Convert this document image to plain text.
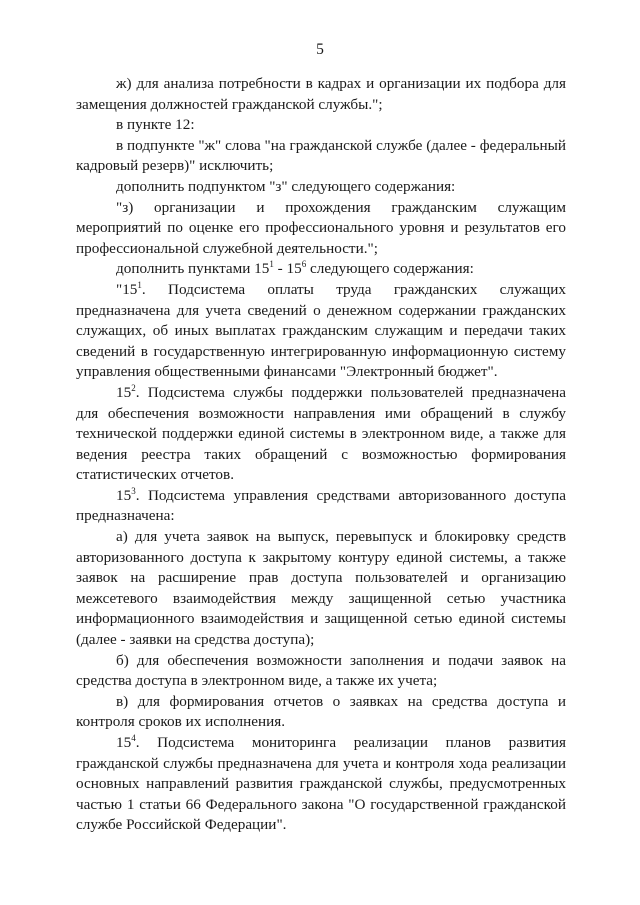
5

ж) для анализа потребности в кадрах и организации их подбора для замещения должностей гражданской службы.";

в пункте 12:

в подпункте "ж" слова "на гражданской службе (далее - федеральный кадровый резерв)" исключить;

дополнить подпунктом "з" следующего содержания:

"з) организации и прохождения гражданским служащим мероприятий по оценке его профессионального уровня и результатов его профессиональной служебной деятельности.";

дополнить пунктами $15^1 - 15^6$ следующего содержания:

"$15^1$. Подсистема оплаты труда гражданских служащих предназначена для учета сведений о денежном содержании гражданских служащих, об иных выплатах гражданским служащим и передачи таких сведений в государственную интегрированную информационную систему управления общественными финансами "Электронный бюджет".

$15^2$. Подсистема службы поддержки пользователей предназначена для обеспечения возможности направления ими обращений в службу технической поддержки единой системы в электронном виде, а также для ведения реестра таких обращений с возможностью формирования статистических отчетов.

$15^3$. Подсистема управления средствами авторизованного доступа предназначена:

а) для учета заявок на выпуск, перевыпуск и блокировку средств авторизованного доступа к закрытому контуру единой системы, а также заявок на расширение прав доступа пользователей и организацию межсетевого взаимодействия между защищенной сетью участника информационного взаимодействия и защищенной сетью единой системы (далее - заявки на средства доступа);

б) для обеспечения возможности заполнения и подачи заявок на средства доступа в электронном виде, а также их учета;

в) для формирования отчетов о заявках на средства доступа и контроля сроков их исполнения.

$15^4$. Подсистема мониторинга реализации планов развития гражданской службы предназначена для учета и контроля хода реализации основных направлений развития гражданской службы, предусмотренных частью 1 статьи 66 Федерального закона "О государственной гражданской службе Российской Федерации".
